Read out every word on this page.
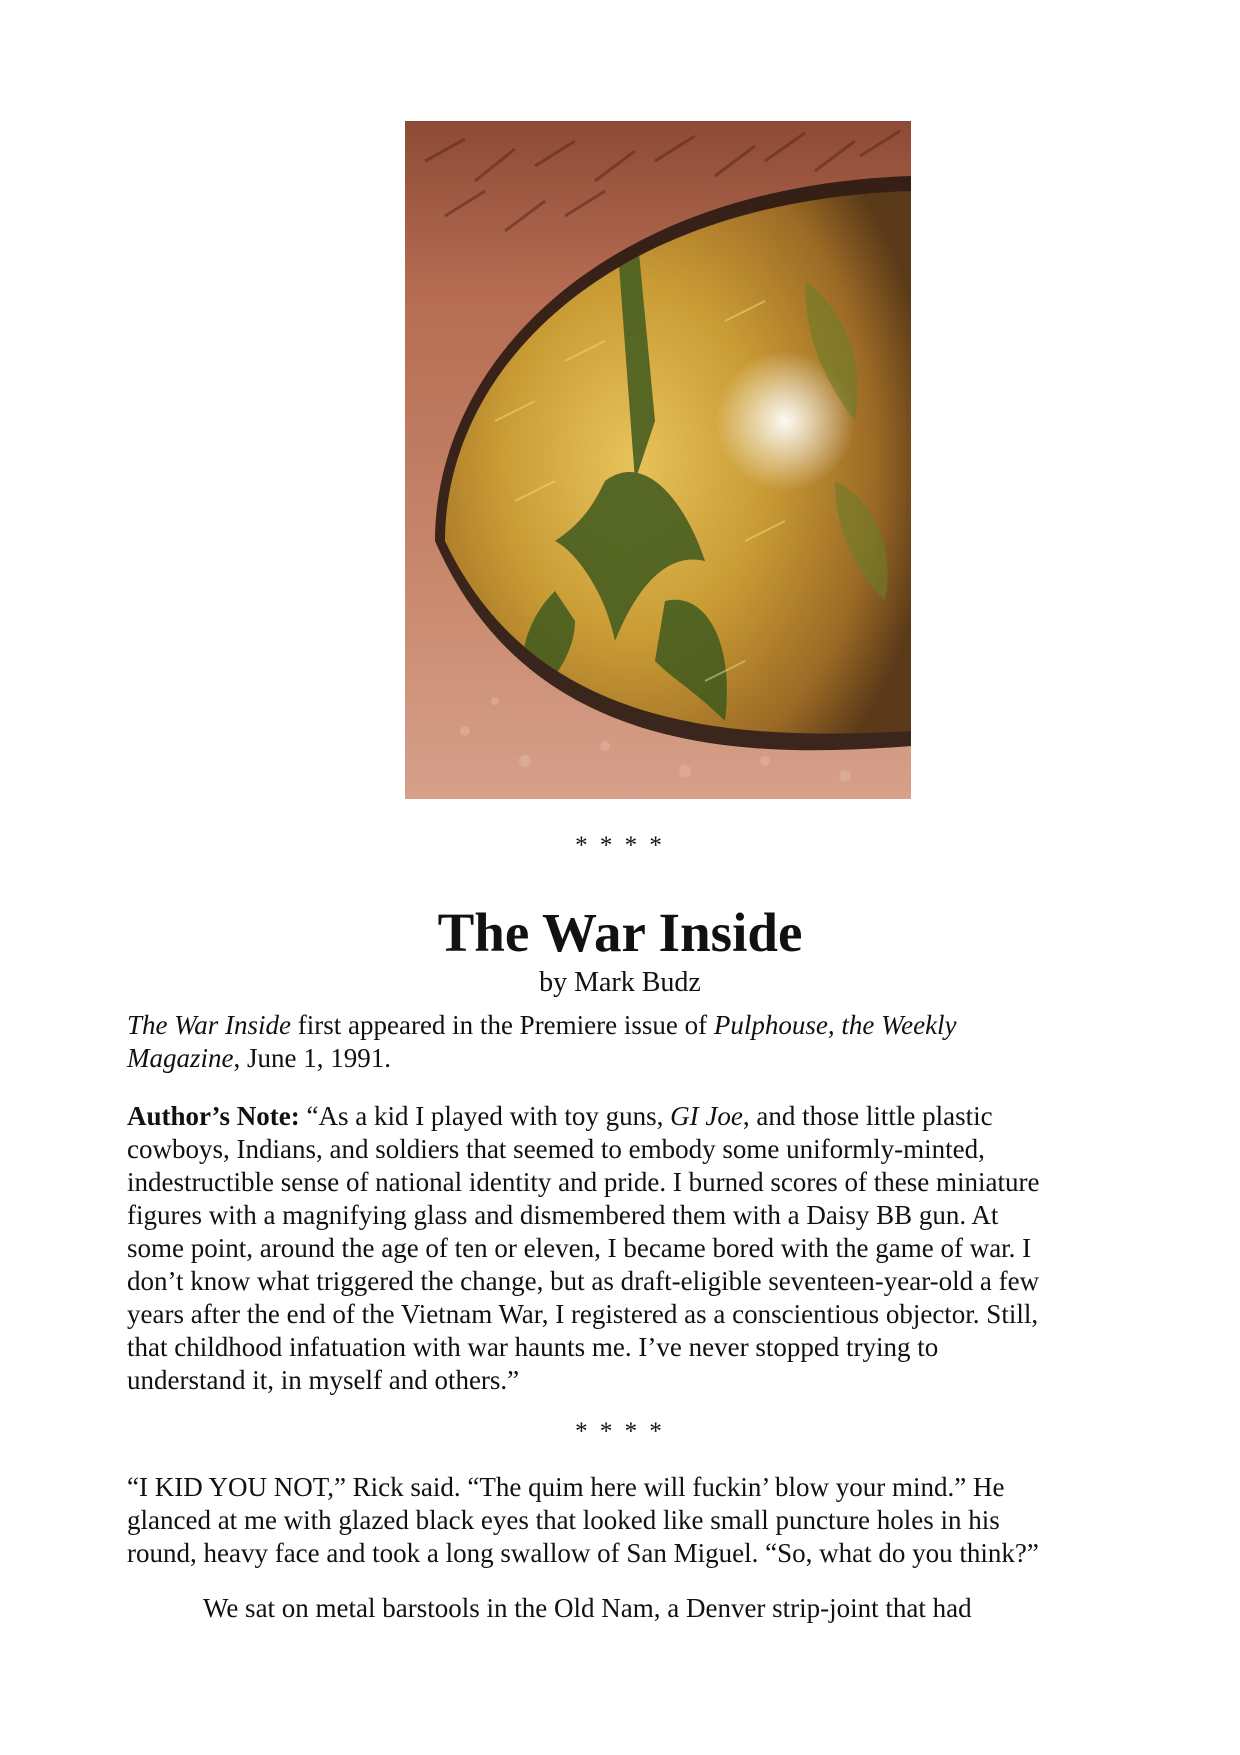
* * * *
The War Inside
by Mark Budz

The War Inside first appeared in the Premiere issue of Pulphouse, the Weekly
Magazine, June 1, 1991.

Author’s Note: “As a kid I played with toy guns, GI Joe, and those little plastic
cowboys, Indians, and soldiers that seemed to embody some uniformly-minted,
indestructible sense of national identity and pride. I burned scores of these miniature
figures with a magnifying glass and dismembered them with a Daisy BB gun. At
some point, around the age of ten or eleven, I became bored with the game of war. I
don’t know what triggered the change, but as draft-eligible seventeen-year-old a few
years after the end of the Vietnam War, I registered as a conscientious objector. Still,
that childhood infatuation with war haunts me. I’ve never stopped trying to
understand it, in myself and others.”

* * * *

“I KID YOU NOT,” Rick said. “The quim here will fuckin’ blow your mind.” He
glanced at me with glazed black eyes that looked like small puncture holes in his
round, heavy face and took a long swallow of San Miguel. “So, what do you think?”

We sat on metal barstools in the Old Nam, a Denver strip-joint that had
